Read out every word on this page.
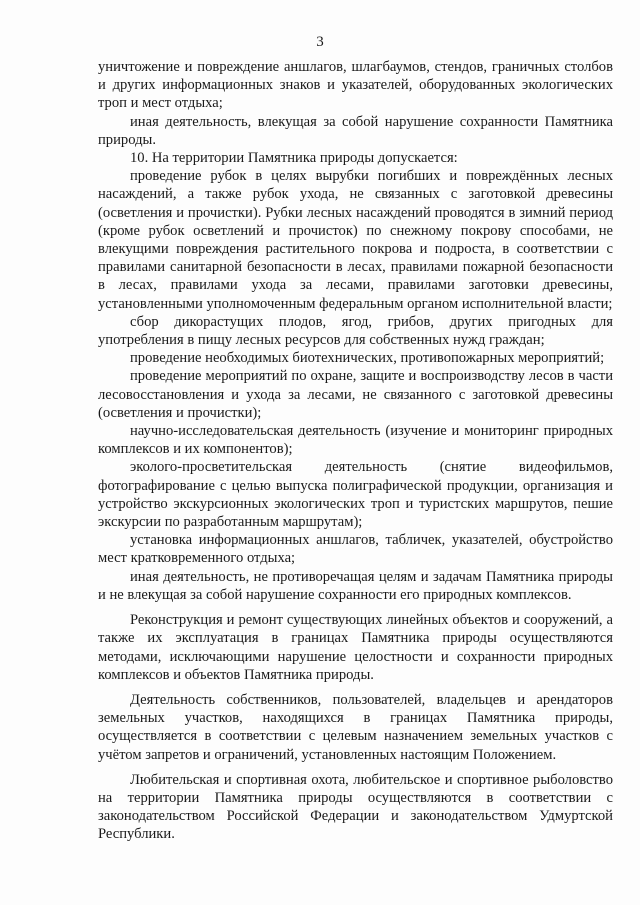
3

уничтожение и повреждение аншлагов, шлагбаумов, стендов, граничных столбов и других информационных знаков и указателей, оборудованных экологических троп и мест отдыха;

иная деятельность, влекущая за собой нарушение сохранности Памятника природы.

10. На территории Памятника природы допускается:

проведение рубок в целях вырубки погибших и повреждённых лесных насаждений, а также рубок ухода, не связанных с заготовкой древесины (осветления и прочистки). Рубки лесных насаждений проводятся в зимний период (кроме рубок осветлений и прочисток) по снежному покрову способами, не влекущими повреждения растительного покрова и подроста, в соответствии с правилами санитарной безопасности в лесах, правилами пожарной безопасности в лесах, правилами ухода за лесами, правилами заготовки древесины, установленными уполномоченным федеральным органом исполнительной власти;

сбор дикорастущих плодов, ягод, грибов, других пригодных для употребления в пищу лесных ресурсов для собственных нужд граждан;

проведение необходимых биотехнических, противопожарных мероприятий;

проведение мероприятий по охране, защите и воспроизводству лесов в части лесовосстановления и ухода за лесами, не связанного с заготовкой древесины (осветления и прочистки);

научно-исследовательская деятельность (изучение и мониторинг природных комплексов и их компонентов);

эколого-просветительская деятельность (снятие видеофильмов, фотографирование с целью выпуска полиграфической продукции, организация и устройство экскурсионных экологических троп и туристских маршрутов, пешие экскурсии по разработанным маршрутам);

установка информационных аншлагов, табличек, указателей, обустройство мест кратковременного отдыха;

иная деятельность, не противоречащая целям и задачам Памятника природы и не влекущая за собой нарушение сохранности его природных комплексов.

Реконструкция и ремонт существующих линейных объектов и сооружений, а также их эксплуатация в границах Памятника природы осуществляются методами, исключающими нарушение целостности и сохранности природных комплексов и объектов Памятника природы.

Деятельность собственников, пользователей, владельцев и арендаторов земельных участков, находящихся в границах Памятника природы, осуществляется в соответствии с целевым назначением земельных участков с учётом запретов и ограничений, установленных настоящим Положением.

Любительская и спортивная охота, любительское и спортивное рыболовство на территории Памятника природы осуществляются в соответствии с законодательством Российской Федерации и законодательством Удмуртской Республики.
